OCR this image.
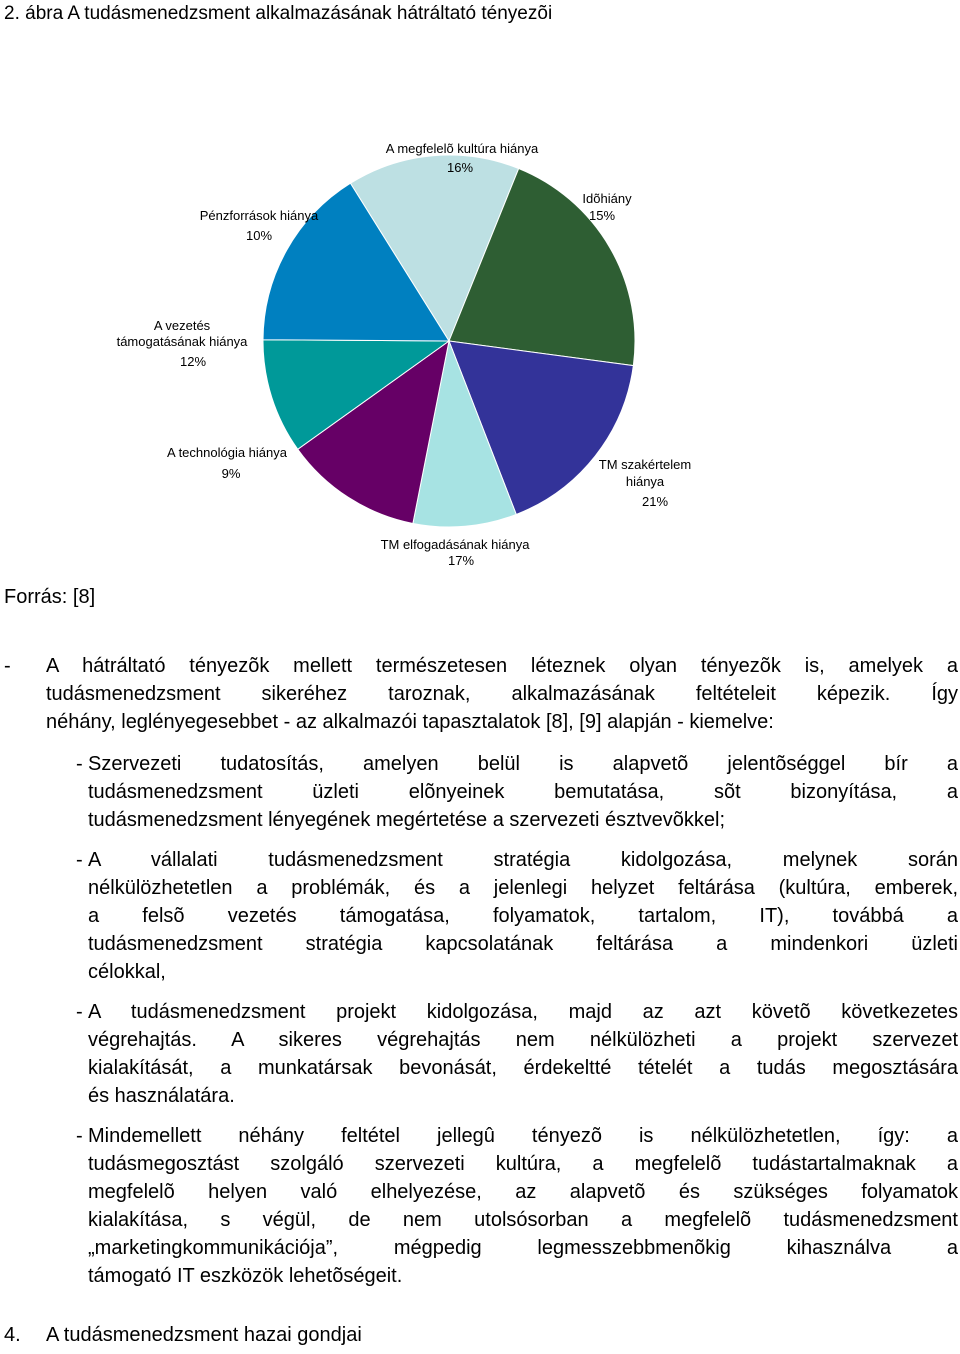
2. ábra A tudásmenedzsment alkalmazásának hátráltató tényezõi
A megfelelõ kultúra hiánya
16%
Idõhiány
15%
Pénzforrások hiánya
10%
A vezetés
támogatásának hiánya
12%
A technológia hiánya
9%
TM szakértelem
hiánya
21%
TM elfogadásának hiánya
17%
Forrás: [8]
- A hátráltató tényezõk mellett természetesen léteznek olyan tényezõk is, amelyek a
tudásmenedzsment sikeréhez taroznak, alkalmazásának feltételeit képezik. Így
néhány, leglényegesebbet - az alkalmazói tapasztalatok [8], [9] alapján - kiemelve:
- Szervezeti tudatosítás, amelyen belül is alapvetõ jelentõséggel bír a
tudásmenedzsment üzleti elõnyeinek bemutatása, sõt bizonyítása, a
tudásmenedzsment lényegének megértetése a szervezeti észtvevõkkel;
- A vállalati tudásmenedzsment stratégia kidolgozása, melynek során
nélkülözhetetlen a problémák, és a jelenlegi helyzet feltárása (kultúra, emberek,
a felsõ vezetés támogatása, folyamatok, tartalom, IT), továbbá a
tudásmenedzsment stratégia kapcsolatának feltárása a mindenkori üzleti
célokkal,
- A tudásmenedzsment projekt kidolgozása, majd az azt követõ következetes
végrehajtás. A sikeres végrehajtás nem nélkülözheti a projekt szervezet
kialakítását, a munkatársak bevonását, érdekeltté tételét a tudás megosztására
és használatára.
- Mindemellett néhány feltétel jellegû tényezõ is nélkülözhetetlen, így: a
tudásmegosztást szolgáló szervezeti kultúra, a megfelelõ tudástartalmaknak a
megfelelõ helyen való elhelyezése, az alapvetõ és szükséges folyamatok
kialakítása, s végül, de nem utolsósorban a megfelelõ tudásmenedzsment
„marketingkommunikációja”, mégpedig legmesszebbmenõkig kihasználva a
támogató IT eszközök lehetõségeit.
4. A tudásmenedzsment hazai gondjai
